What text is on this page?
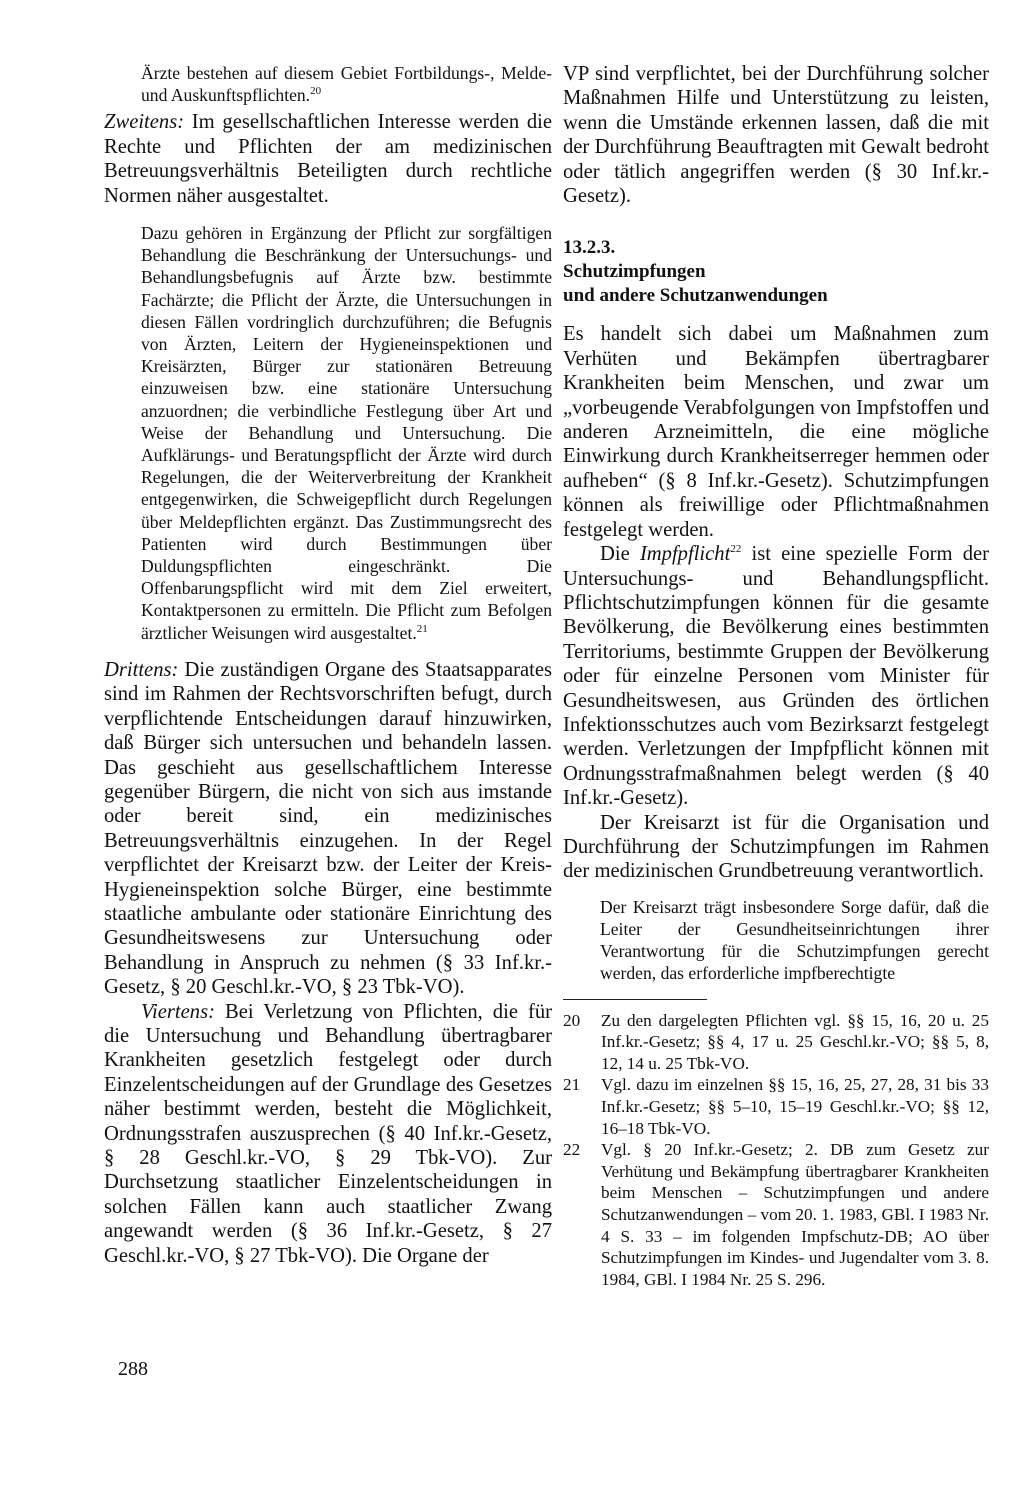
Ärzte bestehen auf diesem Gebiet Fortbildungs-, Melde- und Auskunftspflichten.$^{20}$

Zweitens: Im gesellschaftlichen Interesse werden die Rechte und Pflichten der am medizinischen Betreuungsverhältnis Beteiligten durch rechtliche Normen näher ausgestaltet.

Dazu gehören in Ergänzung der Pflicht zur sorgfältigen Behandlung die Beschränkung der Untersuchungs- und Behandlungsbefugnis auf Ärzte bzw. bestimmte Fachärzte; die Pflicht der Ärzte, die Untersuchungen in diesen Fällen vordringlich durchzuführen; die Befugnis von Ärzten, Leitern der Hygieneinspektionen und Kreisärzten, Bürger zur stationären Betreuung einzuweisen bzw. eine stationäre Untersuchung anzuordnen; die verbindliche Festlegung über Art und Weise der Behandlung und Untersuchung. Die Aufklärungs- und Beratungspflicht der Ärzte wird durch Regelungen, die der Weiterverbreitung der Krankheit entgegenwirken, die Schweigepflicht durch Regelungen über Meldepflichten ergänzt. Das Zustimmungsrecht des Patienten wird durch Bestimmungen über Duldungspflichten eingeschränkt. Die Offenbarungspflicht wird mit dem Ziel erweitert, Kontaktpersonen zu ermitteln. Die Pflicht zum Befolgen ärztlicher Weisungen wird ausgestaltet.$^{21}$

Drittens: Die zuständigen Organe des Staatsapparates sind im Rahmen der Rechtsvorschriften befugt, durch verpflichtende Entscheidungen darauf hinzuwirken, daß Bürger sich untersuchen und behandeln lassen. Das geschieht aus gesellschaftlichem Interesse gegenüber Bürgern, die nicht von sich aus imstande oder bereit sind, ein medizinisches Betreuungsverhältnis einzugehen. In der Regel verpflichtet der Kreisarzt bzw. der Leiter der Kreis-Hygieneinspektion solche Bürger, eine bestimmte staatliche ambulante oder stationäre Einrichtung des Gesundheitswesens zur Untersuchung oder Behandlung in Anspruch zu nehmen (§ 33 Inf.kr.-Gesetz, § 20 Geschl.kr.-VO, § 23 Tbk-VO).

Viertens: Bei Verletzung von Pflichten, die für die Untersuchung und Behandlung übertragbarer Krankheiten gesetzlich festgelegt oder durch Einzelentscheidungen auf der Grundlage des Gesetzes näher bestimmt werden, besteht die Möglichkeit, Ordnungsstrafen auszusprechen (§ 40 Inf.kr.-Gesetz, § 28 Geschl.kr.-VO, § 29 Tbk-VO). Zur Durchsetzung staatlicher Einzelentscheidungen in solchen Fällen kann auch staatlicher Zwang angewandt werden (§ 36 Inf.kr.-Gesetz, § 27 Geschl.kr.-VO, § 27 Tbk-VO). Die Organe der

VP sind verpflichtet, bei der Durchführung solcher Maßnahmen Hilfe und Unterstützung zu leisten, wenn die Umstände erkennen lassen, daß die mit der Durchführung Beauftragten mit Gewalt bedroht oder tätlich angegriffen werden (§ 30 Inf.kr.-Gesetz).

13.2.3.

Schutzimpfungen

und andere Schutzanwendungen

Es handelt sich dabei um Maßnahmen zum Verhüten und Bekämpfen übertragbarer Krankheiten beim Menschen, und zwar um „vorbeugende Verabfolgungen von Impfstoffen und anderen Arzneimitteln, die eine mögliche Einwirkung durch Krankheitserreger hemmen oder aufheben“ (§ 8 Inf.kr.-Gesetz). Schutzimpfungen können als freiwillige oder Pflichtmaßnahmen festgelegt werden.

Die Impfpflicht$^{22}$ ist eine spezielle Form der Untersuchungs- und Behandlungspflicht. Pflichtschutzimpfungen können für die gesamte Bevölkerung, die Bevölkerung eines bestimmten Territoriums, bestimmte Gruppen der Bevölkerung oder für einzelne Personen vom Minister für Gesundheitswesen, aus Gründen des örtlichen Infektionsschutzes auch vom Bezirksarzt festgelegt werden. Verletzungen der Impfpflicht können mit Ordnungsstrafmaßnahmen belegt werden (§ 40 Inf.kr.-Gesetz).

Der Kreisarzt ist für die Organisation und Durchführung der Schutzimpfungen im Rahmen der medizinischen Grundbetreuung verantwortlich.

Der Kreisarzt trägt insbesondere Sorge dafür, daß die Leiter der Gesundheitseinrichtungen ihrer Verantwortung für die Schutzimpfungen gerecht werden, das erforderliche impfberechtigte

20 Zu den dargelegten Pflichten vgl. §§ 15, 16, 20 u. 25 Inf.kr.-Gesetz; §§ 4, 17 u. 25 Geschl.kr.-VO; §§ 5, 8, 12, 14 u. 25 Tbk-VO.
21 Vgl. dazu im einzelnen §§ 15, 16, 25, 27, 28, 31 bis 33 Inf.kr.-Gesetz; §§ 5–10, 15–19 Geschl.kr.-VO; §§ 12, 16–18 Tbk-VO.
22 Vgl. § 20 Inf.kr.-Gesetz; 2. DB zum Gesetz zur Verhütung und Bekämpfung übertragbarer Krankheiten beim Menschen – Schutzimpfungen und andere Schutzanwendungen – vom 20. 1. 1983, GBl. I 1983 Nr. 4 S. 33 – im folgenden Impfschutz-DB; AO über Schutzimpfungen im Kindes- und Jugendalter vom 3. 8. 1984, GBl. I 1984 Nr. 25 S. 296.
288
